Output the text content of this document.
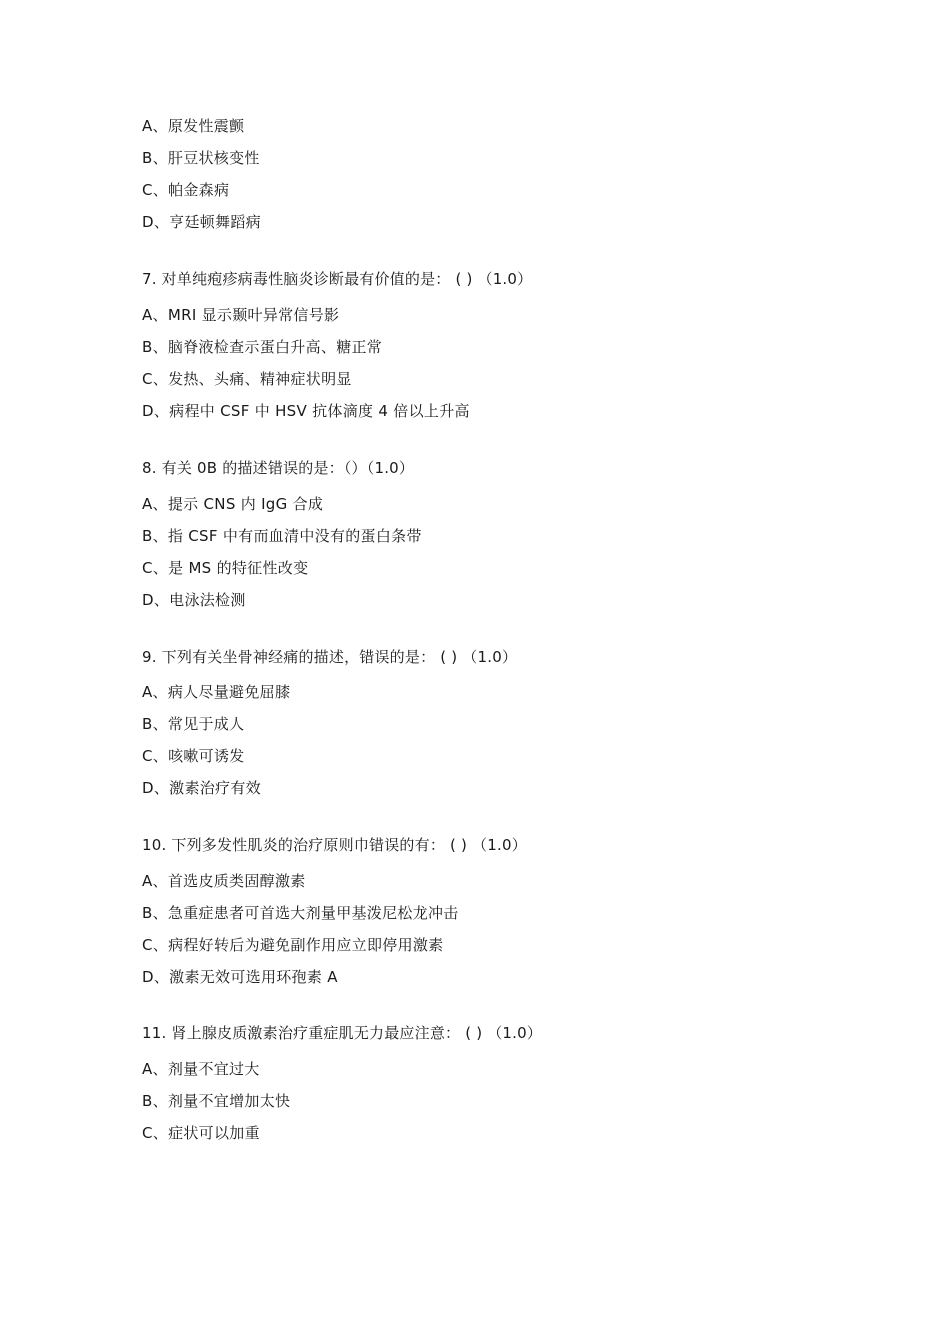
A、原发性震颤
B、肝豆状核变性
C、帕金森病
D、亨廷顿舞蹈病
7. 对单纯疱疹病毒性脑炎诊断最有价值的是： ( ) （1.0）
A、MRI 显示颞叶异常信号影
B、脑脊液检查示蛋白升高、糖正常
C、发热、头痛、精神症状明显
D、病程中 CSF 中 HSV 抗体滴度 4 倍以上升高
8. 有关 0B 的描述错误的是：（）（1.0）
A、提示 CNS 内 IgG 合成
B、指 CSF 中有而血清中没有的蛋白条带
C、是 MS 的特征性改变
D、电泳法检测
9. 下列有关坐骨神经痛的描述，错误的是： ( ) （1.0）
A、病人尽量避免屈膝
B、常见于成人
C、咳嗽可诱发
D、激素治疗有效
10. 下列多发性肌炎的治疗原则巾错误的有： ( ) （1.0）
A、首选皮质类固醇激素
B、急重症患者可首选大剂量甲基泼尼松龙冲击
C、病程好转后为避免副作用应立即停用激素
D、激素无效可选用环孢素 A
11. 肾上腺皮质激素治疗重症肌无力最应注意： ( ) （1.0）
A、剂量不宜过大
B、剂量不宜增加太快
C、症状可以加重
